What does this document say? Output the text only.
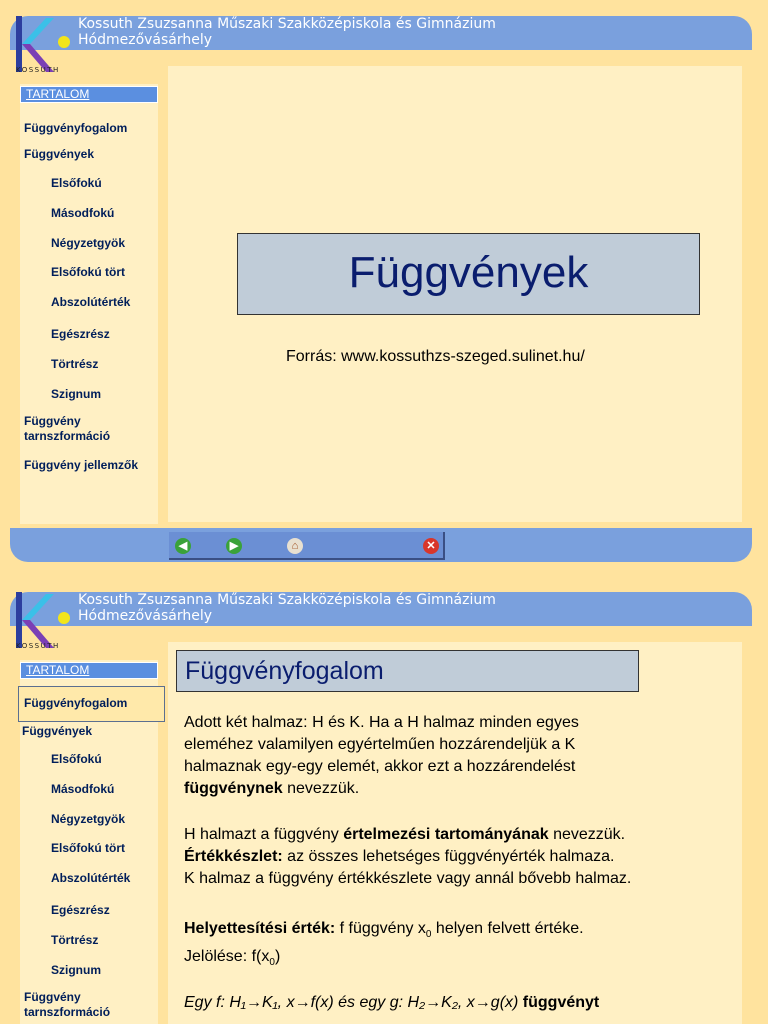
KOSSUTH
Kossuth Zsuzsanna Műszaki Szakközépiskola és Gimnázium
Hódmezővásárhely
TARTALOM
Függvényfogalom
Függvények
Elsőfokú
Másodfokú
Négyzetgyök
Elsőfokú tört
Abszolútérték
Egészrész
Törtrész
Szignum
Függvény
tarnszformáció
Függvény jellemzők
Függvények
Forrás: www.kossuthzs-szeged.sulinet.hu/
◀	▶	⌂	✕
KOSSUTH
Kossuth Zsuzsanna Műszaki Szakközépiskola és Gimnázium
Hódmezővásárhely
TARTALOM
Függvényfogalom
Függvények
Elsőfokú
Másodfokú
Négyzetgyök
Elsőfokú tört
Abszolútérték
Egészrész
Törtrész
Szignum
Függvény
tarnszformáció
Függvényfogalom
Adott két halmaz: H és K. Ha a H halmaz minden egyes
eleméhez valamilyen egyértelműen hozzárendeljük a K
halmaznak egy-egy elemét, akkor ezt a hozzárendelést
függvénynek nevezzük.
H halmazt a függvény értelmezési tartományának nevezzük.
Értékkészlet: az összes lehetséges függvényérték halmaza.
K halmaz a függvény értékkészlete vagy annál bővebb halmaz.
Helyettesítési érték: f függvény $x_0$ helyen felvett értéke.
Jelölése: $f(x_0)$
Egy f: H₁→K₁, x→f(x) és egy g: H₂→K₂, x→g(x) függvényt
